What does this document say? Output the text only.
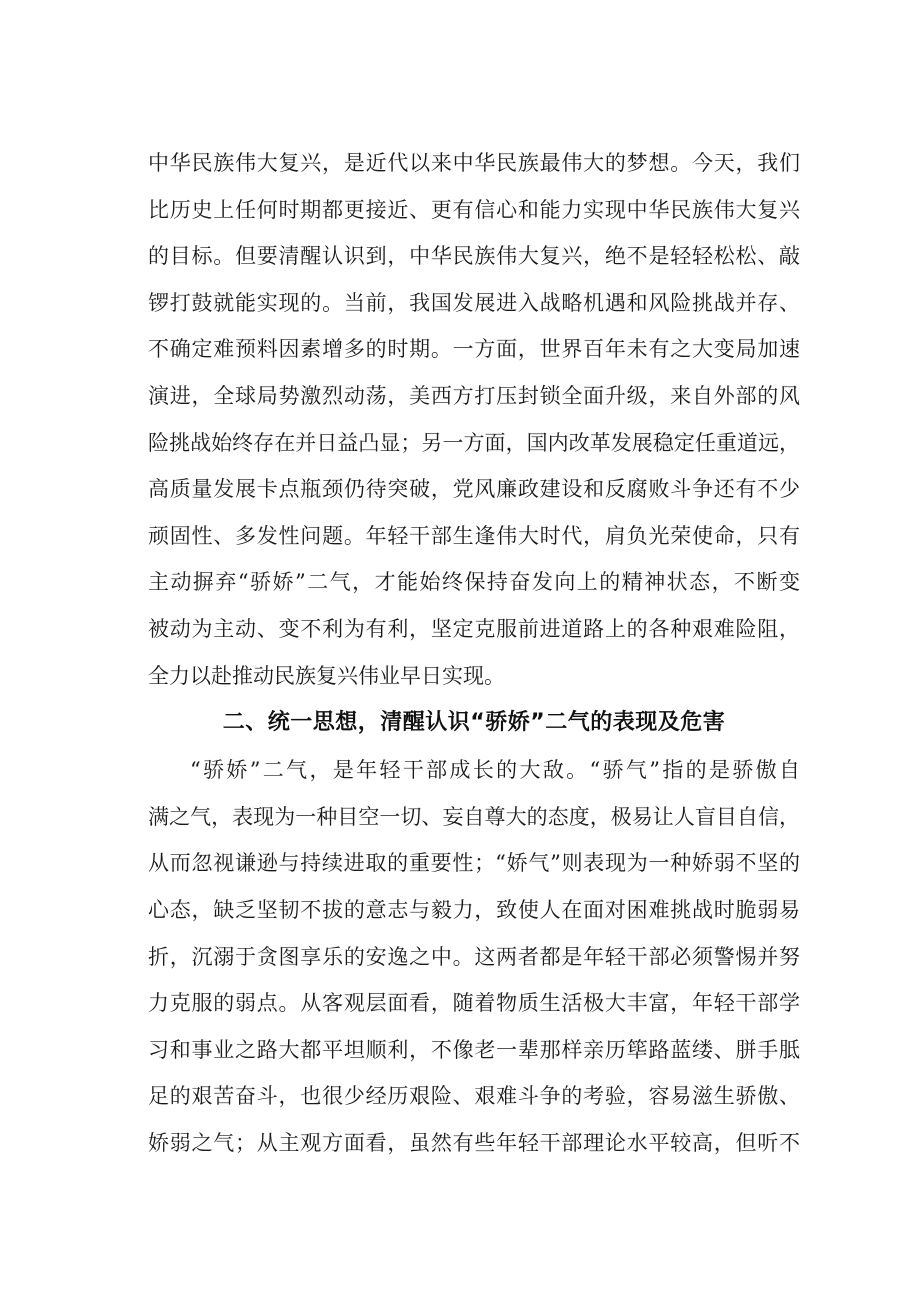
中华民族伟大复兴，是近代以来中华民族最伟大的梦想。今天，我们
比历史上任何时期都更接近、更有信心和能力实现中华民族伟大复兴
的目标。但要清醒认识到，中华民族伟大复兴，绝不是轻轻松松、敲
锣打鼓就能实现的。当前，我国发展进入战略机遇和风险挑战并存、
不确定难预料因素增多的时期。一方面，世界百年未有之大变局加速
演进，全球局势激烈动荡，美西方打压封锁全面升级，来自外部的风
险挑战始终存在并日益凸显；另一方面，国内改革发展稳定任重道远，
高质量发展卡点瓶颈仍待突破，党风廉政建设和反腐败斗争还有不少
顽固性、多发性问题。年轻干部生逢伟大时代，肩负光荣使命，只有
主动摒弃“骄娇”二气，才能始终保持奋发向上的精神状态，不断变
被动为主动、变不利为有利，坚定克服前进道路上的各种艰难险阻，
全力以赴推动民族复兴伟业早日实现。
二、统一思想，清醒认识“骄娇”二气的表现及危害
“骄娇”二气，是年轻干部成长的大敌。“骄气”指的是骄傲自
满之气，表现为一种目空一切、妄自尊大的态度，极易让人盲目自信，
从而忽视谦逊与持续进取的重要性；“娇气”则表现为一种娇弱不坚的
心态，缺乏坚韧不拔的意志与毅力，致使人在面对困难挑战时脆弱易
折，沉溺于贪图享乐的安逸之中。这两者都是年轻干部必须警惕并努
力克服的弱点。从客观层面看，随着物质生活极大丰富，年轻干部学
习和事业之路大都平坦顺利，不像老一辈那样亲历筚路蓝缕、胼手胝
足的艰苦奋斗，也很少经历艰险、艰难斗争的考验，容易滋生骄傲、
娇弱之气；从主观方面看，虽然有些年轻干部理论水平较高，但听不
